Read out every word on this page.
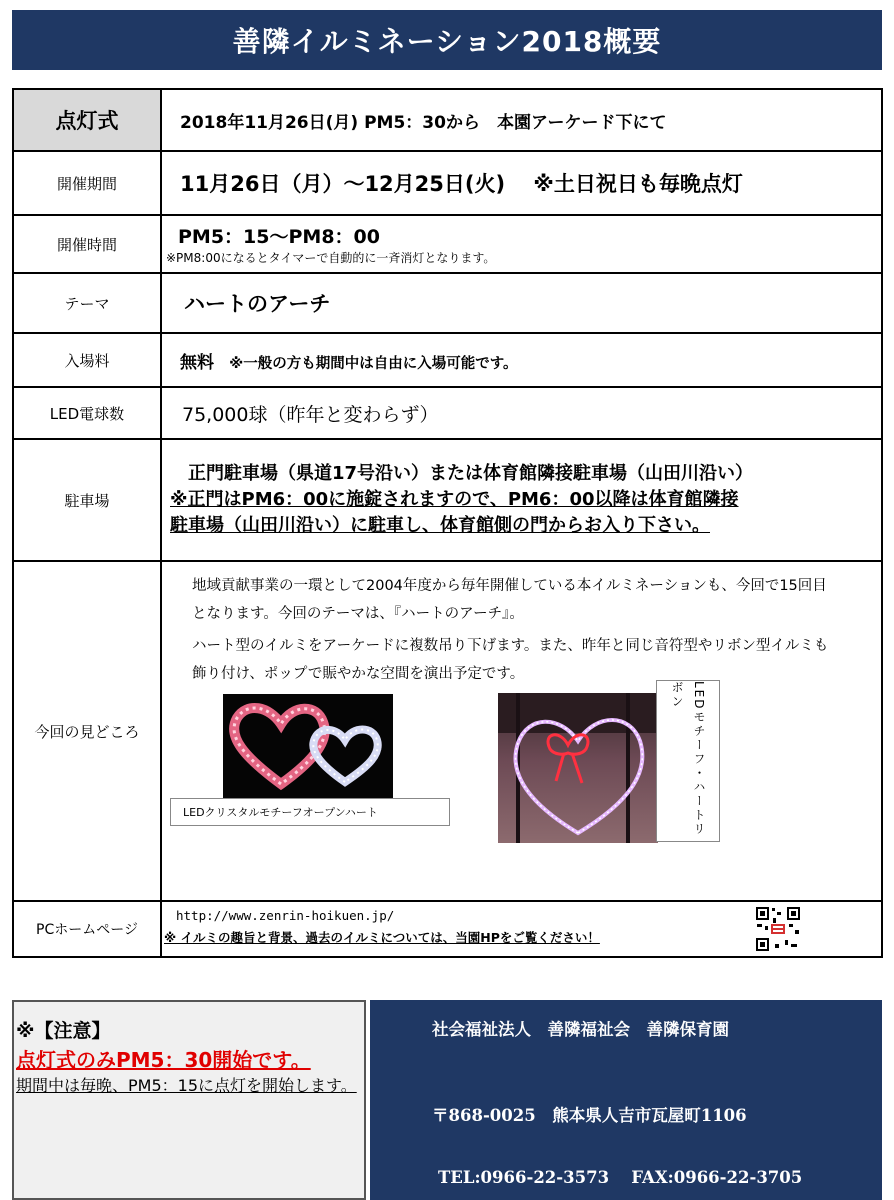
善隣イルミネーション2018概要
点灯式	2018年11月26日(月) PM5：30から　本園アーケード下にて
開催期間	11月26日（月）～12月25日(火)　 ※土日祝日も毎晩点灯
開催時間	PM5：15～PM8：00
※PM8:00になるとタイマーで自動的に一斉消灯となります。

テーマ	ハートのアーチ
入場料	無料 ※一般の方も期間中は自由に入場可能です。
LED電球数	75,000球（昨年と変わらず）
駐車場	正門駐車場（県道17号沿い）または体育館隣接駐車場（山田川沿い）
※正門はPM6：00に施錠されますので、PM6：00以降は体育館隣接
駐車場（山田川沿い）に駐車し、体育館側の門からお入り下さい。

今回の見どころ	地域貢献事業の一環として2004年度から毎年開催している本イルミネーションも、今回で15回目となります。今回のテーマは、『ハートのアーチ』。
ハート型のイルミをアーケードに複数吊り下げます。また、昨年と同じ音符型やリボン型イルミも飾り付け、ポップで賑やかな空間を演出予定です。
LEDクリスタルモチーフオープンハート LEDモチーフ・ハートリボン

PCホームページ	http://www.zenrin-hoikuen.jp/
※ イルミの趣旨と背景、過去のイルミについては、当園HPをご覧ください！
※【注意】
点灯式のみPM5：30開始です。
期間中は毎晩、PM5：15に点灯を開始します。
社会福祉法人　善隣福祉会　善隣保育園
〒868-0025　熊本県人吉市瓦屋町1106
TEL:0966-22-3573　 FAX:0966-22-3705
